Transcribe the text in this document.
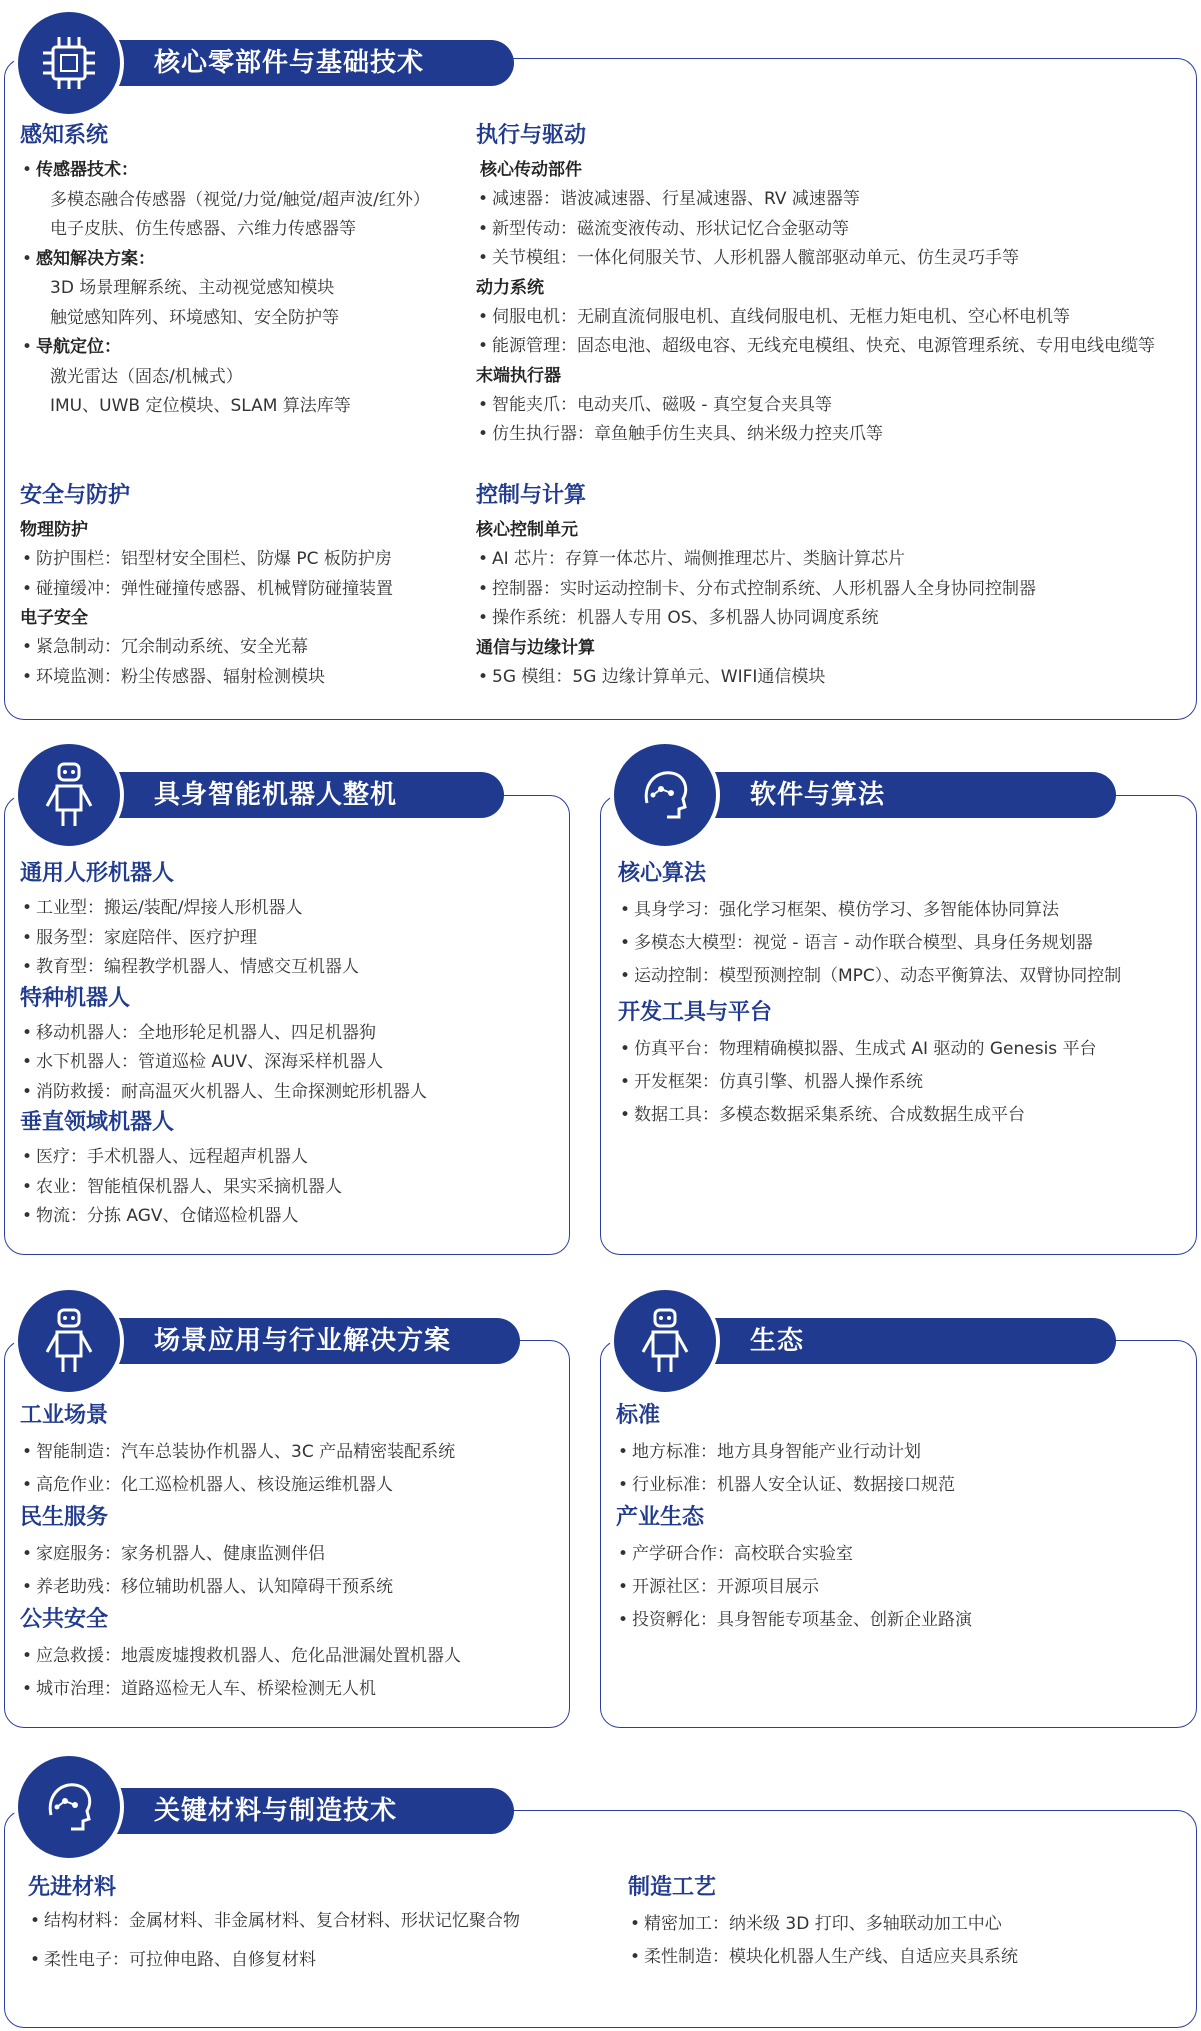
核心零部件与基础技术

感知系统

• 传感器技术：

多模态融合传感器（视觉/力觉/触觉/超声波/红外）

电子皮肤、仿生传感器、六维力传感器等

• 感知解决方案：

3D 场景理解系统、主动视觉感知模块

触觉感知阵列、环境感知、安全防护等

• 导航定位：

激光雷达（固态/机械式）

IMU、UWB 定位模块、SLAM 算法库等

执行与驱动

核心传动部件

• 减速器：谐波减速器、行星减速器、RV 减速器等

• 新型传动：磁流变液传动、形状记忆合金驱动等

• 关节模组：一体化伺服关节、人形机器人髋部驱动单元、仿生灵巧手等

动力系统

• 伺服电机：无刷直流伺服电机、直线伺服电机、无框力矩电机、空心杯电机等

• 能源管理：固态电池、超级电容、无线充电模组、快充、电源管理系统、专用电线电缆等

末端执行器

• 智能夹爪：电动夹爪、磁吸 - 真空复合夹具等

• 仿生执行器：章鱼触手仿生夹具、纳米级力控夹爪等

安全与防护

物理防护

• 防护围栏：铝型材安全围栏、防爆 PC 板防护房

• 碰撞缓冲：弹性碰撞传感器、机械臂防碰撞装置

电子安全

• 紧急制动：冗余制动系统、安全光幕

• 环境监测：粉尘传感器、辐射检测模块

控制与计算

核心控制单元

• AI 芯片：存算一体芯片、端侧推理芯片、类脑计算芯片

• 控制器：实时运动控制卡、分布式控制系统、人形机器人全身协同控制器

• 操作系统：机器人专用 OS、多机器人协同调度系统

通信与边缘计算

• 5G 模组：5G 边缘计算单元、WIFI通信模块

具身智能机器人整机

通用人形机器人

• 工业型：搬运/装配/焊接人形机器人

• 服务型：家庭陪伴、医疗护理

• 教育型：编程教学机器人、情感交互机器人

特种机器人

• 移动机器人：全地形轮足机器人、四足机器狗

• 水下机器人：管道巡检 AUV、深海采样机器人

• 消防救援：耐高温灭火机器人、生命探测蛇形机器人

垂直领域机器人

• 医疗：手术机器人、远程超声机器人

• 农业：智能植保机器人、果实采摘机器人

• 物流：分拣 AGV、仓储巡检机器人

软件与算法

核心算法

• 具身学习：强化学习框架、模仿学习、多智能体协同算法

• 多模态大模型：视觉 - 语言 - 动作联合模型、具身任务规划器

• 运动控制：模型预测控制（MPC）、动态平衡算法、双臂协同控制

开发工具与平台

• 仿真平台：物理精确模拟器、生成式 AI 驱动的 Genesis 平台

• 开发框架：仿真引擎、机器人操作系统

• 数据工具：多模态数据采集系统、合成数据生成平台

场景应用与行业解决方案

工业场景

• 智能制造：汽车总装协作机器人、3C 产品精密装配系统

• 高危作业：化工巡检机器人、核设施运维机器人

民生服务

• 家庭服务：家务机器人、健康监测伴侣

• 养老助残：移位辅助机器人、认知障碍干预系统

公共安全

• 应急救援：地震废墟搜救机器人、危化品泄漏处置机器人

• 城市治理：道路巡检无人车、桥梁检测无人机

生态

标准

• 地方标准：地方具身智能产业行动计划

• 行业标准：机器人安全认证、数据接口规范

产业生态

• 产学研合作：高校联合实验室

• 开源社区：开源项目展示

• 投资孵化：具身智能专项基金、创新企业路演

关键材料与制造技术

先进材料

• 结构材料：金属材料、非金属材料、复合材料、形状记忆聚合物

• 柔性电子：可拉伸电路、自修复材料

制造工艺

• 精密加工：纳米级 3D 打印、多轴联动加工中心

• 柔性制造：模块化机器人生产线、自适应夹具系统
